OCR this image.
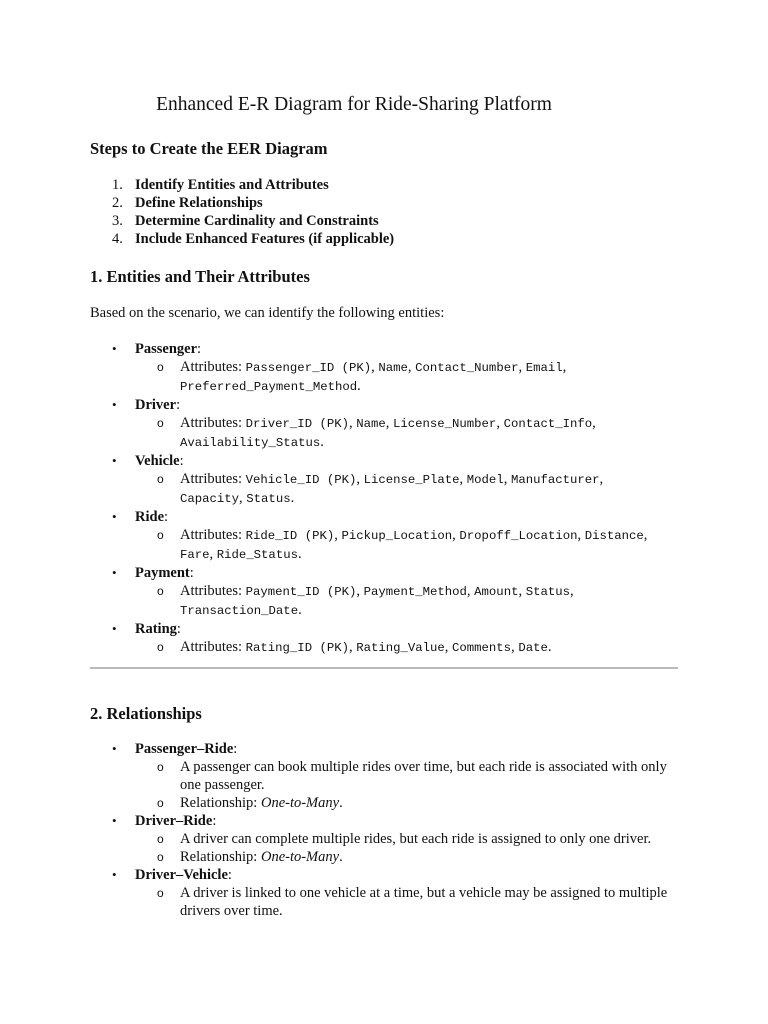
Enhanced E-R Diagram for Ride-Sharing Platform
Steps to Create the EER Diagram
1. Identify Entities and Attributes
2. Define Relationships
3. Determine Cardinality and Constraints
4. Include Enhanced Features (if applicable)
1. Entities and Their Attributes

Based on the scenario, we can identify the following entities:

• Passenger:
o Attributes: Passenger_ID (PK), Name, Contact_Number, Email,
Preferred_Payment_Method.
• Driver:
o Attributes: Driver_ID (PK), Name, License_Number, Contact_Info,
Availability_Status.
• Vehicle:
o Attributes: Vehicle_ID (PK), License_Plate, Model, Manufacturer,
Capacity, Status.
• Ride:
o Attributes: Ride_ID (PK), Pickup_Location, Dropoff_Location, Distance,
Fare, Ride_Status.
• Payment:
o Attributes: Payment_ID (PK), Payment_Method, Amount, Status,
Transaction_Date.
• Rating:
o Attributes: Rating_ID (PK), Rating_Value, Comments, Date.
2. Relationships
• Passenger–Ride:
o A passenger can book multiple rides over time, but each ride is associated with only one passenger.
o Relationship: One-to-Many.
• Driver–Ride:
o A driver can complete multiple rides, but each ride is assigned to only one driver.
o Relationship: One-to-Many.
• Driver–Vehicle:
o A driver is linked to one vehicle at a time, but a vehicle may be assigned to multiple drivers over time.
